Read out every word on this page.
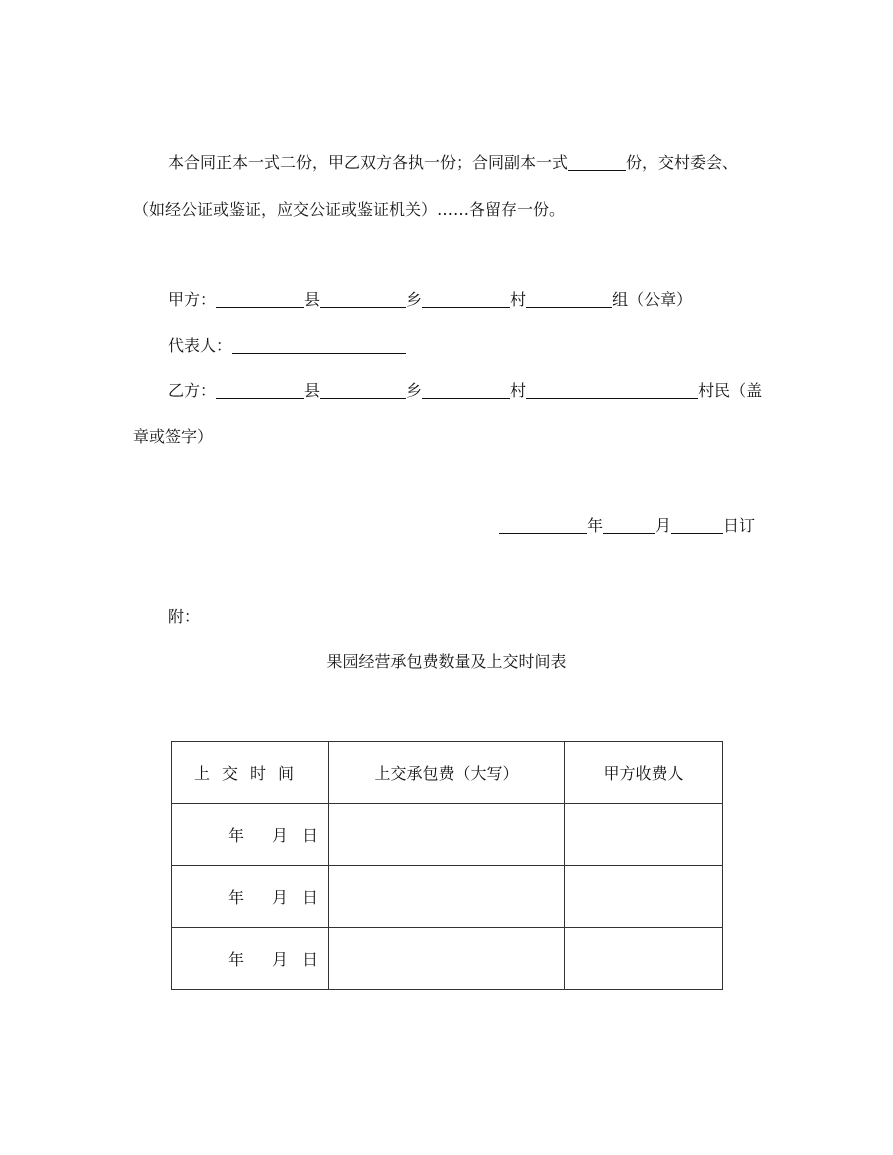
本合同正本一式二份，甲乙双方各执一份；合同副本一式	份，交村委会、
（如经公证或鉴证，应交公证或鉴证机关）……各留存一份。
甲方：	县	乡	村	组（公章）
代表人：
乙方：	县	乡	村	村民（盖
章或签字）
年	月	日订
附：
果园经营承包费数量及上交时间表
上交时间	上交承包费（大写）	甲方收费人
年 月 日		
年 月 日		
年 月 日		
